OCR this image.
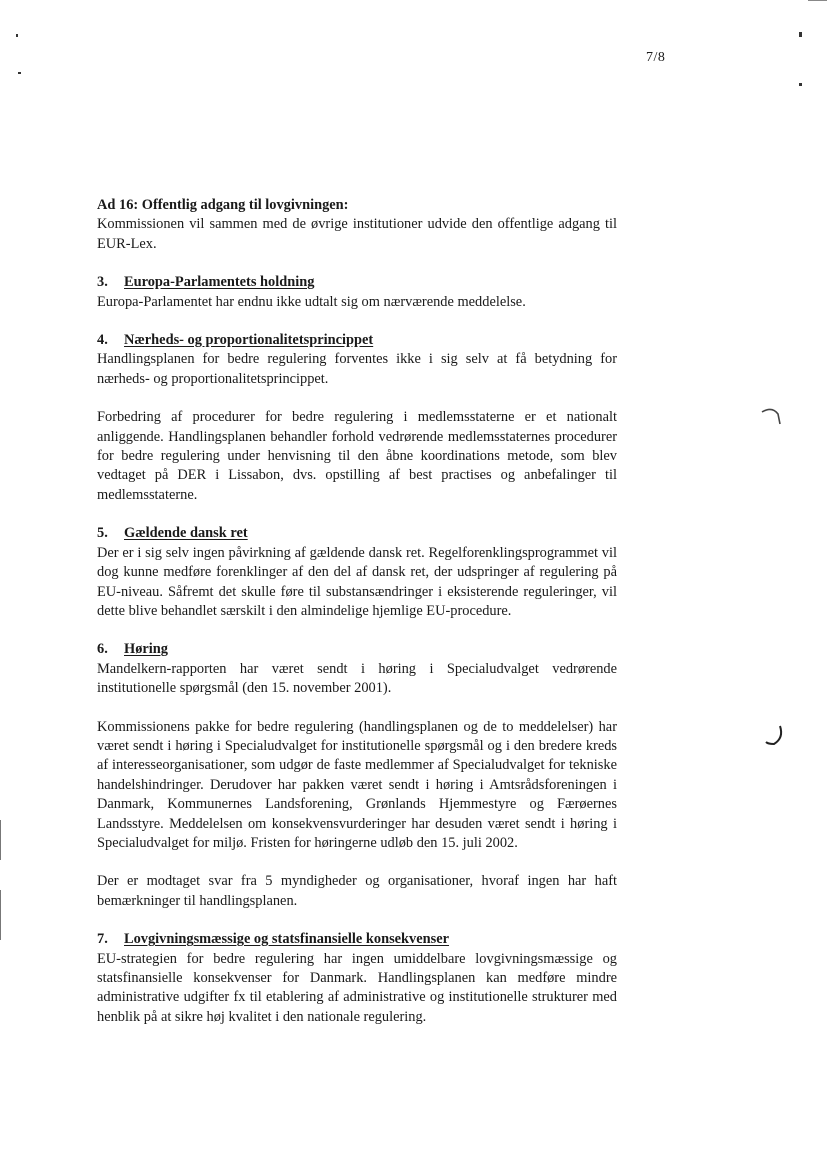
7/8
Ad 16: Offentlig adgang til lovgivningen:

Kommissionen vil sammen med de øvrige institutioner udvide den offentlige adgang til EUR-Lex.

3. Europa-Parlamentets holdning

Europa-Parlamentet har endnu ikke udtalt sig om nærværende meddelelse.

4. Nærheds- og proportionalitetsprincippet

Handlingsplanen for bedre regulering forventes ikke i sig selv at få betydning for nærheds- og proportionalitetsprincippet.

Forbedring af procedurer for bedre regulering i medlemsstaterne er et nationalt anliggende. Handlingsplanen behandler forhold vedrørende medlemsstaternes procedurer for bedre regulering under henvisning til den åbne koordinations metode, som blev vedtaget på DER i Lissabon, dvs. opstilling af best practises og anbefalinger til medlemsstaterne.

5. Gældende dansk ret

Der er i sig selv ingen påvirkning af gældende dansk ret. Regelforenklingsprogrammet vil dog kunne medføre forenklinger af den del af dansk ret, der udspringer af regulering på EU-niveau. Såfremt det skulle føre til substansændringer i eksisterende reguleringer, vil dette blive behandlet særskilt i den almindelige hjemlige EU-procedure.

6. Høring

Mandelkern-rapporten har været sendt i høring i Specialudvalget vedrørende institutionelle spørgsmål (den 15. november 2001).

Kommissionens pakke for bedre regulering (handlingsplanen og de to meddelelser) har været sendt i høring i Specialudvalget for institutionelle spørgsmål og i den bredere kreds af interesseorganisationer, som udgør de faste medlemmer af Specialudvalget for tekniske handelshindringer. Derudover har pakken været sendt i høring i Amtsrådsforeningen i Danmark, Kommunernes Landsforening, Grønlands Hjemmestyre og Færøernes Landsstyre. Meddelelsen om konsekvensvurderinger har desuden været sendt i høring i Specialudvalget for miljø. Fristen for høringerne udløb den 15. juli 2002.

Der er modtaget svar fra 5 myndigheder og organisationer, hvoraf ingen har haft bemærkninger til handlingsplanen.

7. Lovgivningsmæssige og statsfinansielle konsekvenser

EU-strategien for bedre regulering har ingen umiddelbare lovgivningsmæssige og statsfinansielle konsekvenser for Danmark. Handlingsplanen kan medføre mindre administrative udgifter fx til etablering af administrative og institutionelle strukturer med henblik på at sikre høj kvalitet i den nationale regulering.
